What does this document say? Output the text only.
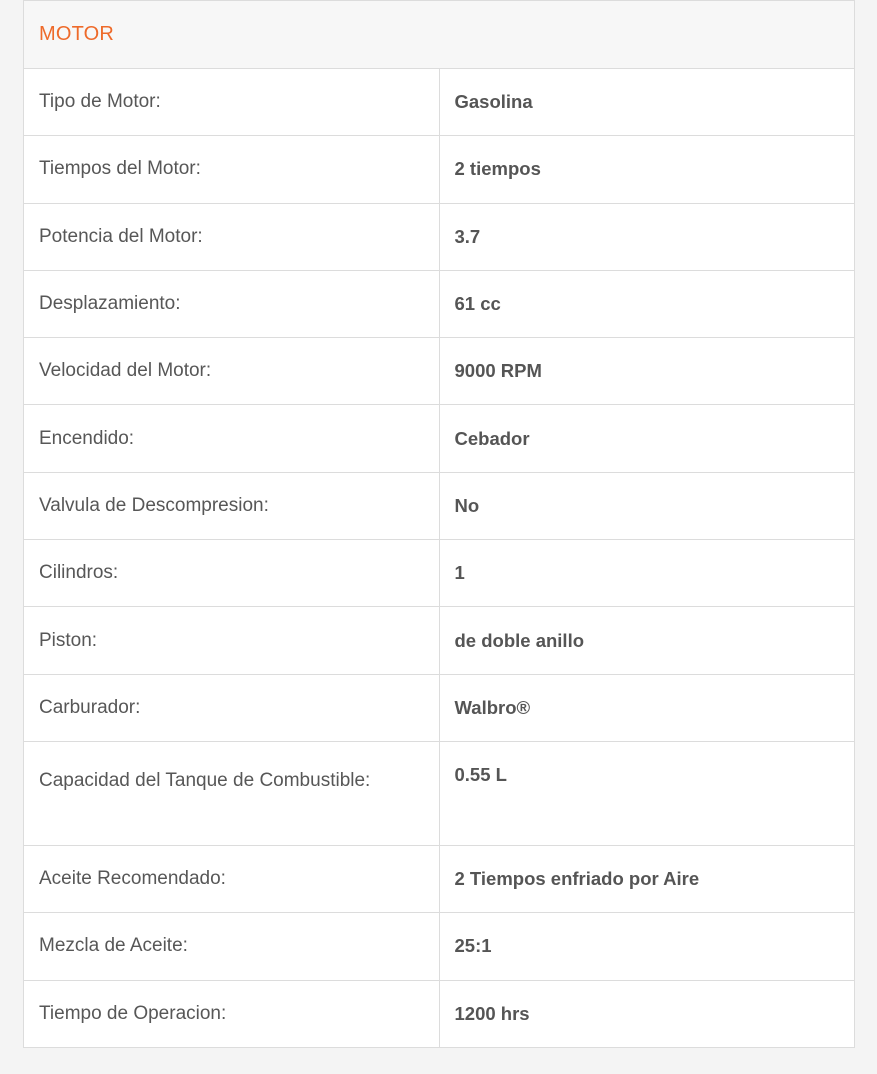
MOTOR	
Tipo de Motor:	Gasolina
Tiempos del Motor:	2 tiempos
Potencia del Motor:	3.7
Desplazamiento:	61 cc
Velocidad del Motor:	9000 RPM
Encendido:	Cebador
Valvula de Descompresion:	No
Cilindros:	1
Piston:	de doble anillo
Carburador:	Walbro®
Capacidad del Tanque de Combustible:	0.55 L
Aceite Recomendado:	2 Tiempos enfriado por Aire
Mezcla de Aceite:	25:1
Tiempo de Operacion:	1200 hrs
